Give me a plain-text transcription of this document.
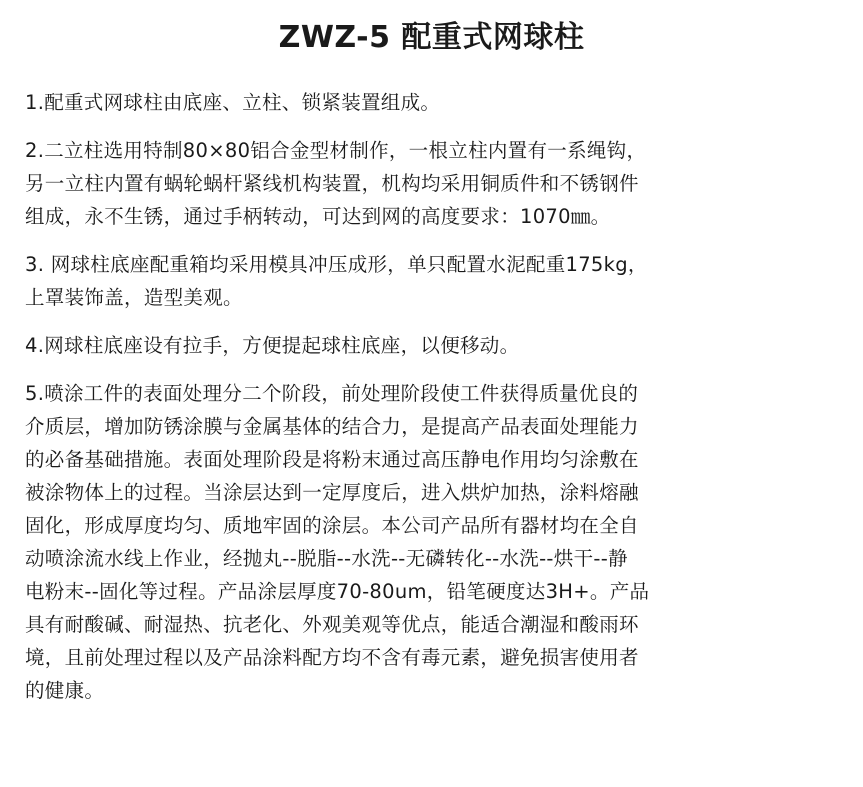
ZWZ-5 配重式网球柱

1.配重式网球柱由底座、立柱、锁紧装置组成。

2.二立柱选用特制80×80铝合金型材制作，一根立柱内置有一系绳钩，
另一立柱内置有蜗轮蜗杆紧线机构装置，机构均采用铜质件和不锈钢件
组成，永不生锈，通过手柄转动，可达到网的高度要求：1070㎜。

3. 网球柱底座配重箱均采用模具冲压成形，单只配置水泥配重175kg，
上罩装饰盖，造型美观。

4.网球柱底座设有拉手，方便提起球柱底座，以便移动。

5.喷涂工件的表面处理分二个阶段，前处理阶段使工件获得质量优良的
介质层，增加防锈涂膜与金属基体的结合力，是提高产品表面处理能力
的必备基础措施。表面处理阶段是将粉末通过高压静电作用均匀涂敷在
被涂物体上的过程。当涂层达到一定厚度后，进入烘炉加热，涂料熔融
固化，形成厚度均匀、质地牢固的涂层。本公司产品所有器材均在全自
动喷涂流水线上作业，经抛丸--脱脂--水洗--无磷转化--水洗--烘干--静
电粉末--固化等过程。产品涂层厚度70-80um，铅笔硬度达3H+。产品
具有耐酸碱、耐湿热、抗老化、外观美观等优点，能适合潮湿和酸雨环
境，且前处理过程以及产品涂料配方均不含有毒元素，避免损害使用者
的健康。
